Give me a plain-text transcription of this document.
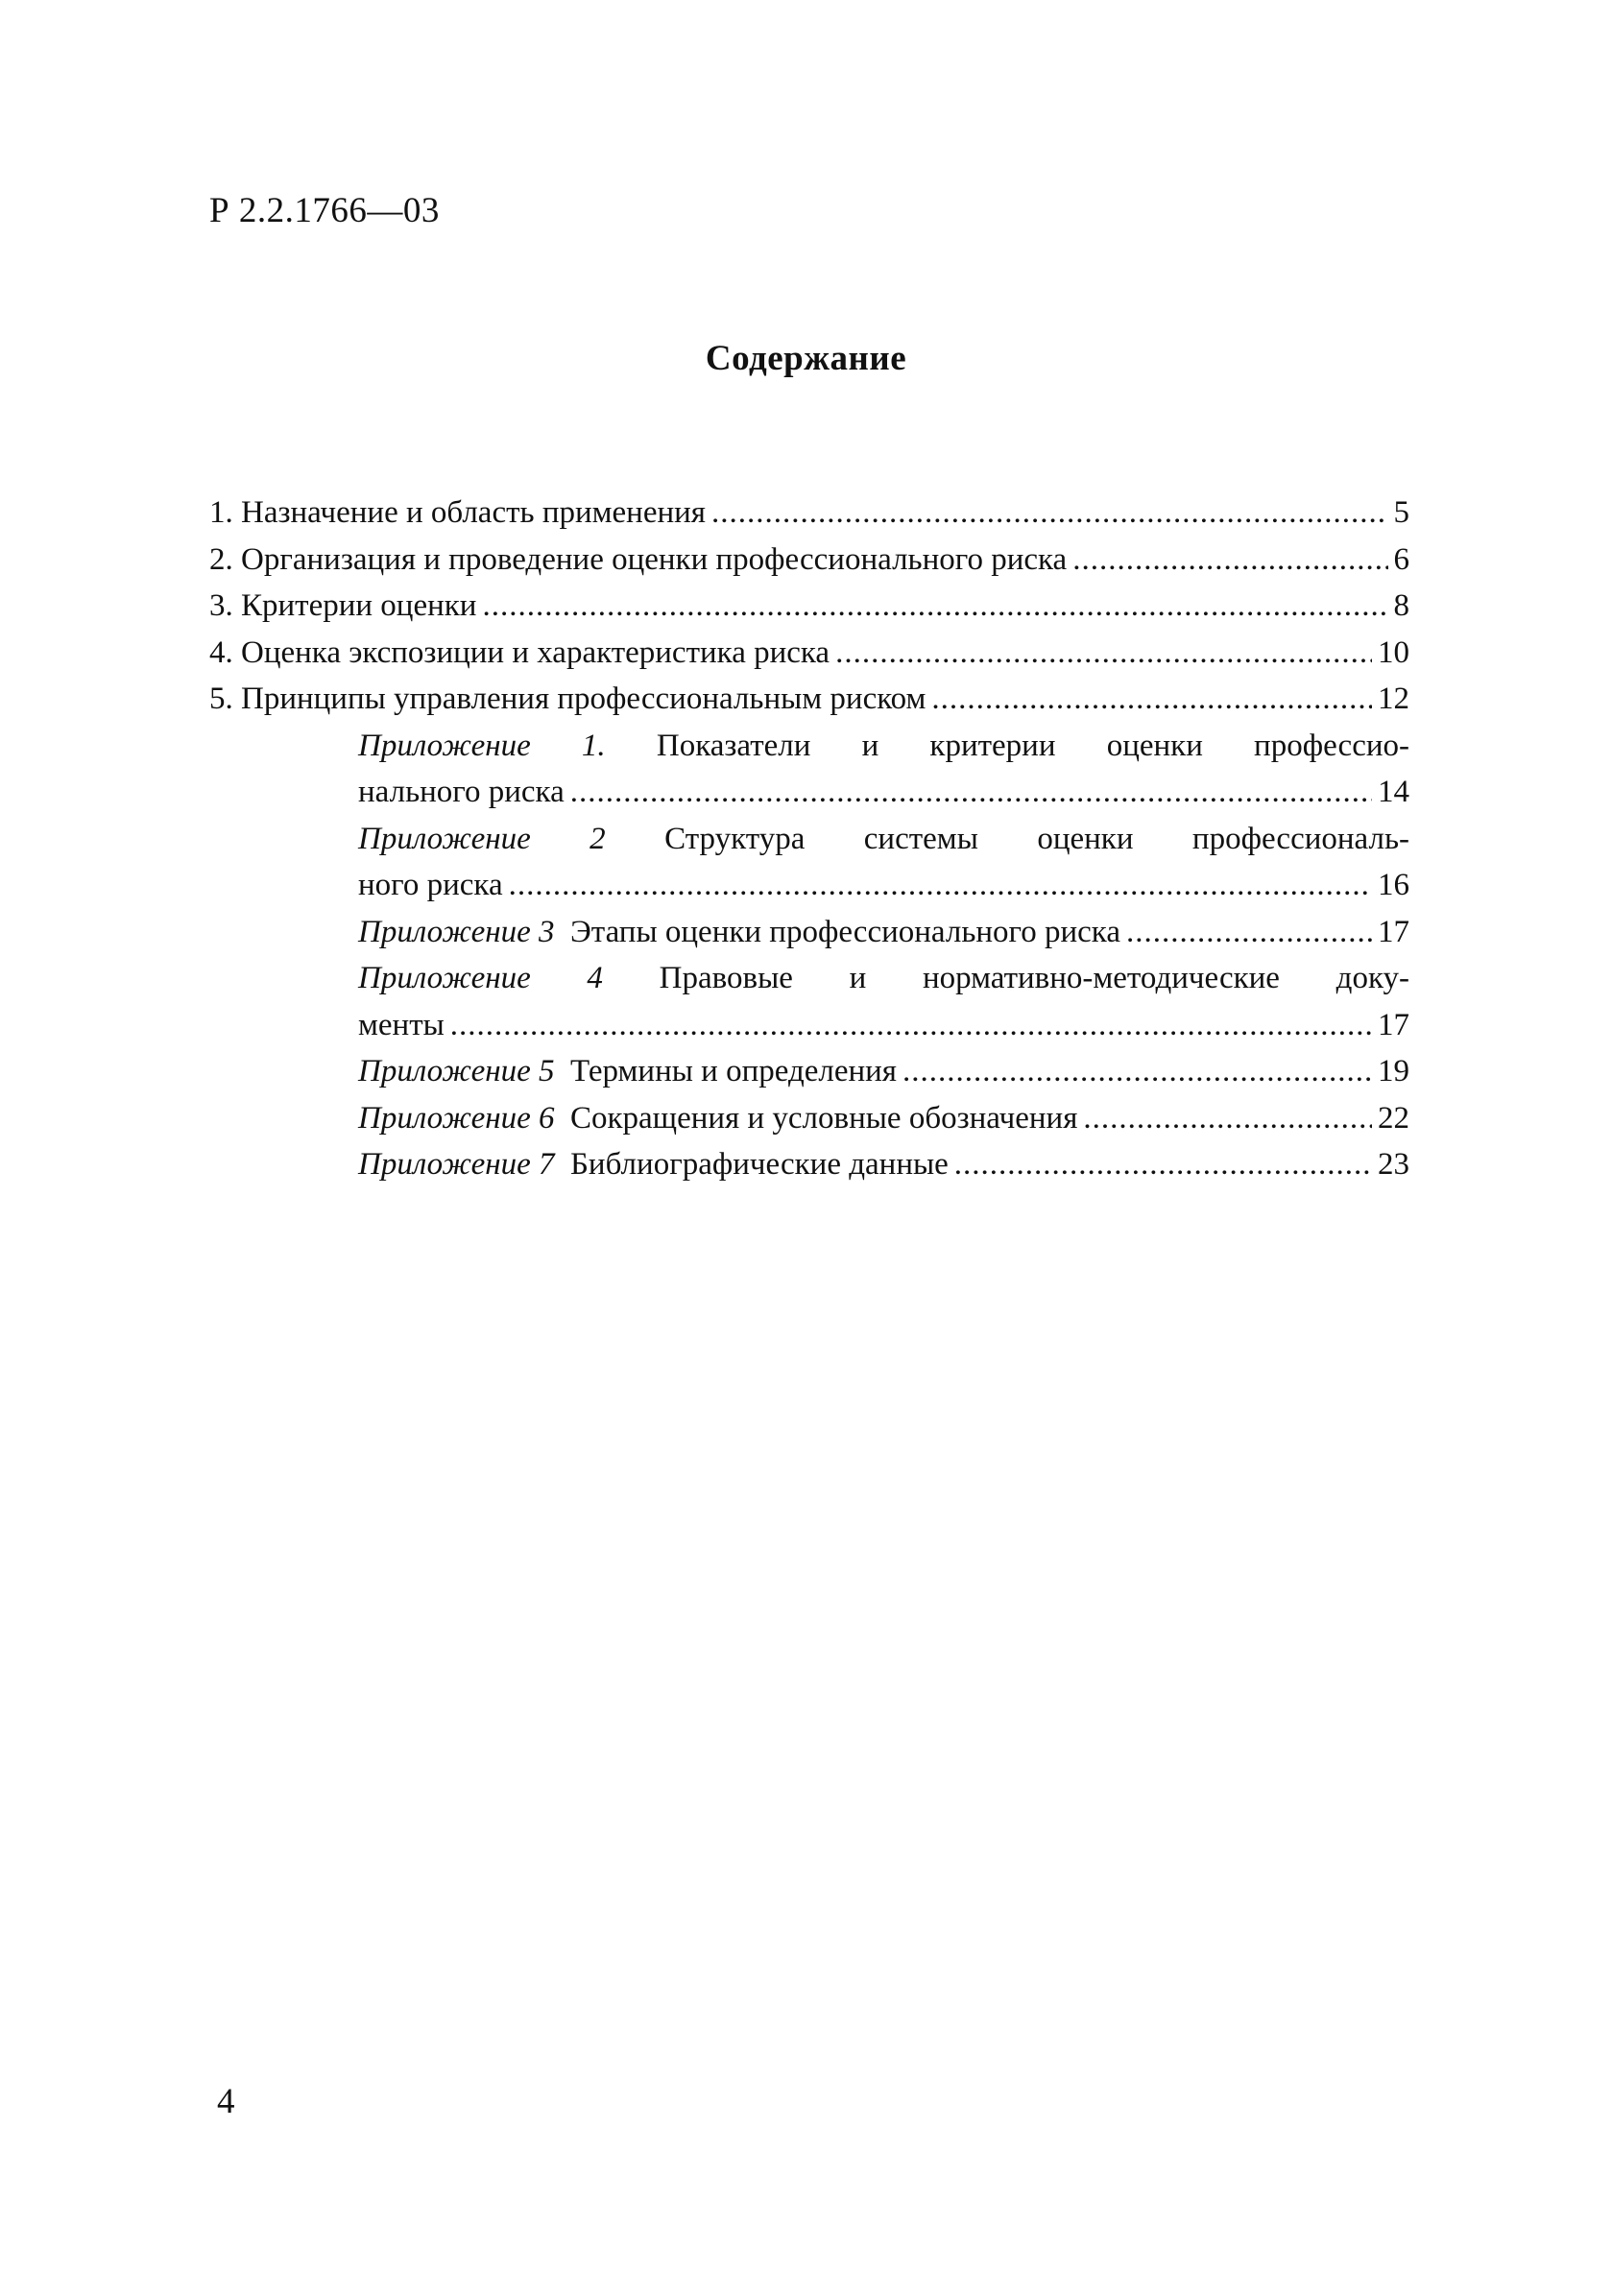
Р 2.2.1766—03
Содержание
1. Назначение и область применения .....	5
2. Организация и проведение оценки профессионального риска .....	6
3. Критерии оценки .....	8
4. Оценка экспозиции и характеристика риска .....	10
5. Принципы управления профессиональным риском .....	12
Приложение 1. Показатели и критерии оценки профессио-
нального риска .....	14
Приложение 2 Структура системы оценки профессиональ-
ного риска .....	16
Приложение 3 Этапы оценки профессионального риска .....	17
Приложение 4 Правовые и нормативно-методические доку-
менты .....	17
Приложение 5 Термины и определения .....	19
Приложение 6 Сокращения и условные обозначения .....	22
Приложение 7 Библиографические данные .....	23
4
